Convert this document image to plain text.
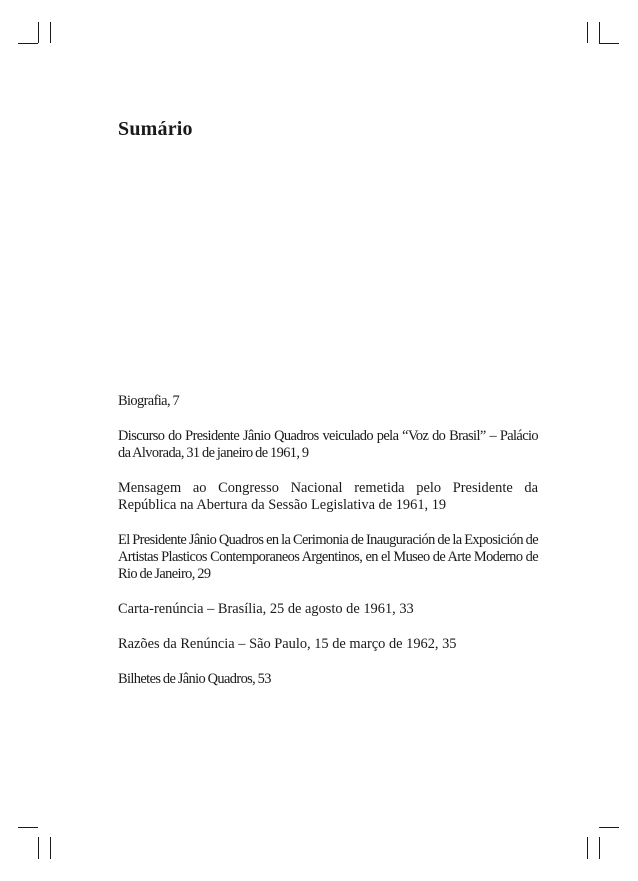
Sumário
Biografia, 7
Discurso do Presidente Jânio Quadros veiculado pela “Voz do Brasil” – Palácio da Alvorada, 31 de janeiro de 1961, 9
Mensagem ao Congresso Nacional remetida pelo Presidente da República na Abertura da Sessão Legislativa de 1961, 19
El Presidente Jânio Quadros en la Cerimonia de Inauguración de la Exposición de Artistas Plasticos Contemporaneos Argentinos, en el Museo de Arte Moderno de Rio de Janeiro, 29
Carta-renúncia – Brasília, 25 de agosto de 1961, 33
Razões da Renúncia – São Paulo, 15 de março de 1962, 35
Bilhetes de Jânio Quadros, 53
